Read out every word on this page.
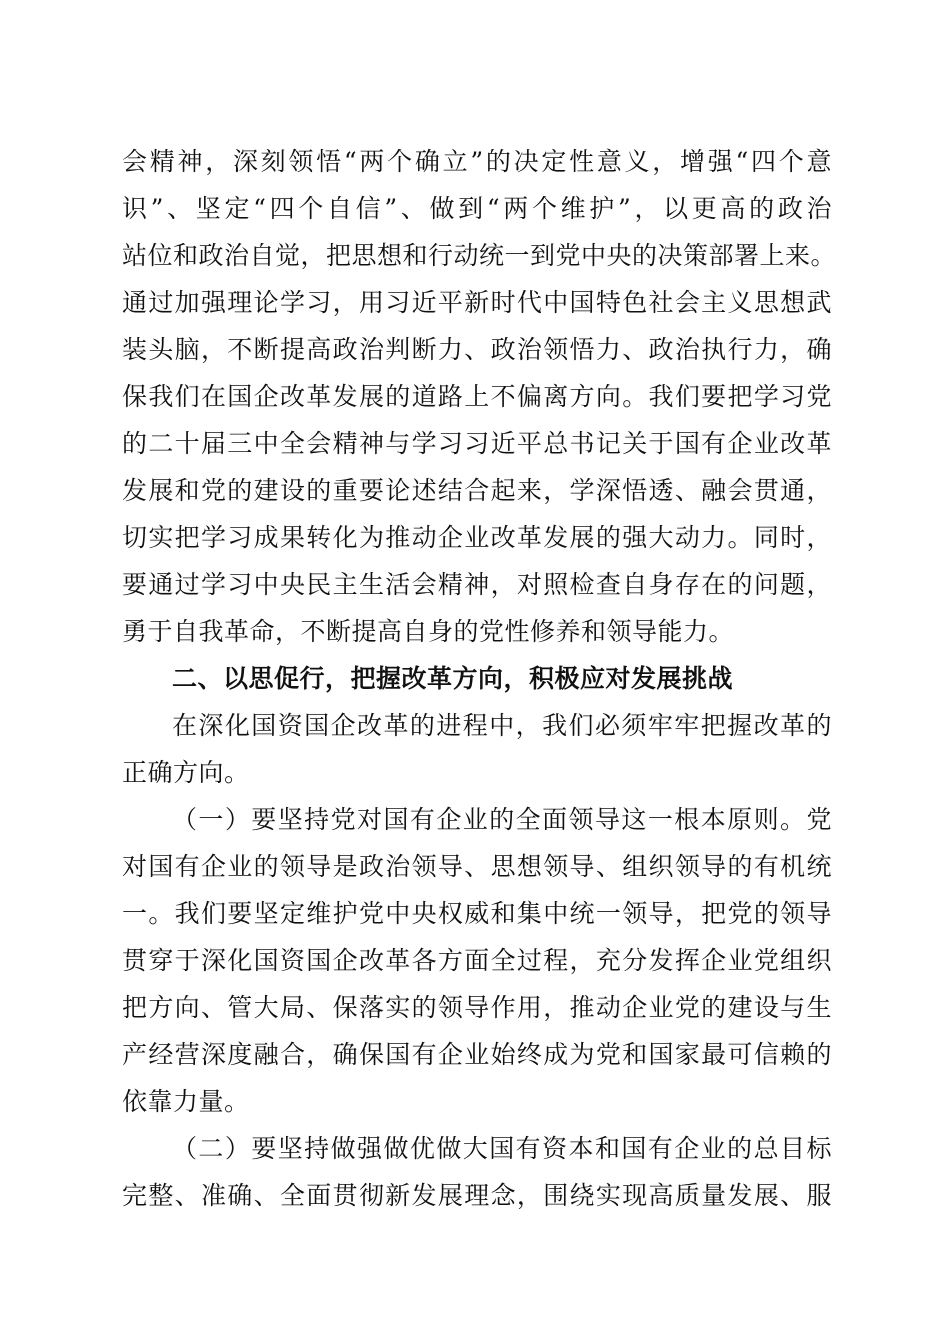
会精神，深刻领悟“两个确立”的决定性意义，增强“四个意
识”、坚定“四个自信”、做到“两个维护”，以更高的政治
站位和政治自觉，把思想和行动统一到党中央的决策部署上来。
通过加强理论学习，用习近平新时代中国特色社会主义思想武
装头脑，不断提高政治判断力、政治领悟力、政治执行力，确
保我们在国企改革发展的道路上不偏离方向。我们要把学习党
的二十届三中全会精神与学习习近平总书记关于国有企业改革
发展和党的建设的重要论述结合起来，学深悟透、融会贯通，
切实把学习成果转化为推动企业改革发展的强大动力。同时，
要通过学习中央民主生活会精神，对照检查自身存在的问题，
勇于自我革命，不断提高自身的党性修养和领导能力。
二、以思促行，把握改革方向，积极应对发展挑战
在深化国资国企改革的进程中，我们必须牢牢把握改革的
正确方向。
（一）要坚持党对国有企业的全面领导这一根本原则。党
对国有企业的领导是政治领导、思想领导、组织领导的有机统
一。我们要坚定维护党中央权威和集中统一领导，把党的领导
贯穿于深化国资国企改革各方面全过程，充分发挥企业党组织
把方向、管大局、保落实的领导作用，推动企业党的建设与生
产经营深度融合，确保国有企业始终成为党和国家最可信赖的
依靠力量。
（二）要坚持做强做优做大国有资本和国有企业的总目标
完整、准确、全面贯彻新发展理念，围绕实现高质量发展、服
